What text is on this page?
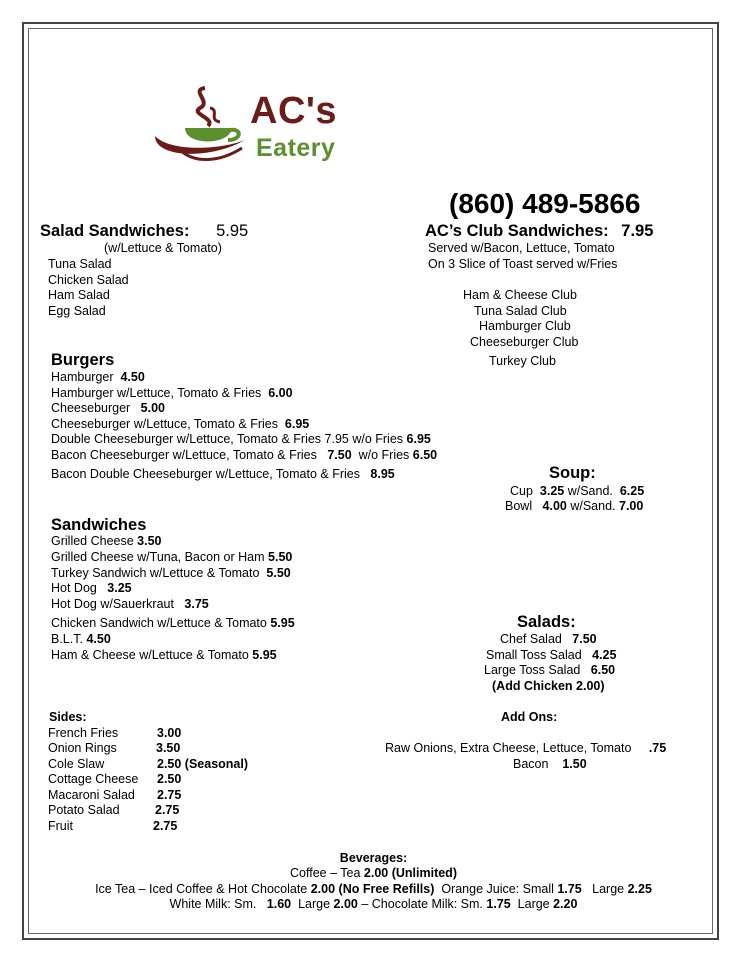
AC's
Eatery
(860) 489-5866
Salad Sandwiches: 5.95
(w/Lettuce & Tomato)
Tuna Salad
Chicken Salad
Ham Salad
Egg Salad
AC’s Club Sandwiches: 7.95
Served w/Bacon, Lettuce, Tomato
On 3 Slice of Toast served w/Fries
Ham & Cheese Club
Tuna Salad Club
Hamburger Club
Cheeseburger Club
Turkey Club
Burgers
Hamburger 4.50
Hamburger w/Lettuce, Tomato & Fries 6.00
Cheeseburger 5.00
Cheeseburger w/Lettuce, Tomato & Fries 6.95
Double Cheeseburger w/Lettuce, Tomato & Fries 7.95 w/o Fries 6.95
Bacon Cheeseburger w/Lettuce, Tomato & Fries 7.50 w/o Fries 6.50
Bacon Double Cheeseburger w/Lettuce, Tomato & Fries 8.95	Soup:
Cup 3.25 w/Sand. 6.25
Bowl 4.00 w/Sand. 7.00
Sandwiches
Grilled Cheese 3.50
Grilled Cheese w/Tuna, Bacon or Ham 5.50
Turkey Sandwich w/Lettuce & Tomato 5.50
Hot Dog 3.25
Hot Dog w/Sauerkraut 3.75
Chicken Sandwich w/Lettuce & Tomato 5.95
B.L.T. 4.50
Ham & Cheese w/Lettuce & Tomato 5.95
Salads:
Chef Salad 7.50
Small Toss Salad 4.25
Large Toss Salad 6.50
(Add Chicken 2.00)
Sides:
French Fries	3.00
Onion Rings	3.50
Cole Slaw	2.50 (Seasonal)
Cottage Cheese 2.50
Macaroni Salad 2.75
Potato Salad	2.75
Fruit	2.75
Add Ons:
Raw Onions, Extra Cheese, Lettuce, Tomato .75
Bacon 1.50
Beverages:
Coffee – Tea 2.00 (Unlimited)
Ice Tea – Iced Coffee & Hot Chocolate 2.00 (No Free Refills)  Orange Juice: Small 1.75   Large 2.25
White Milk: Sm.   1.60  Large 2.00 – Chocolate Milk: Sm. 1.75  Large 2.20
